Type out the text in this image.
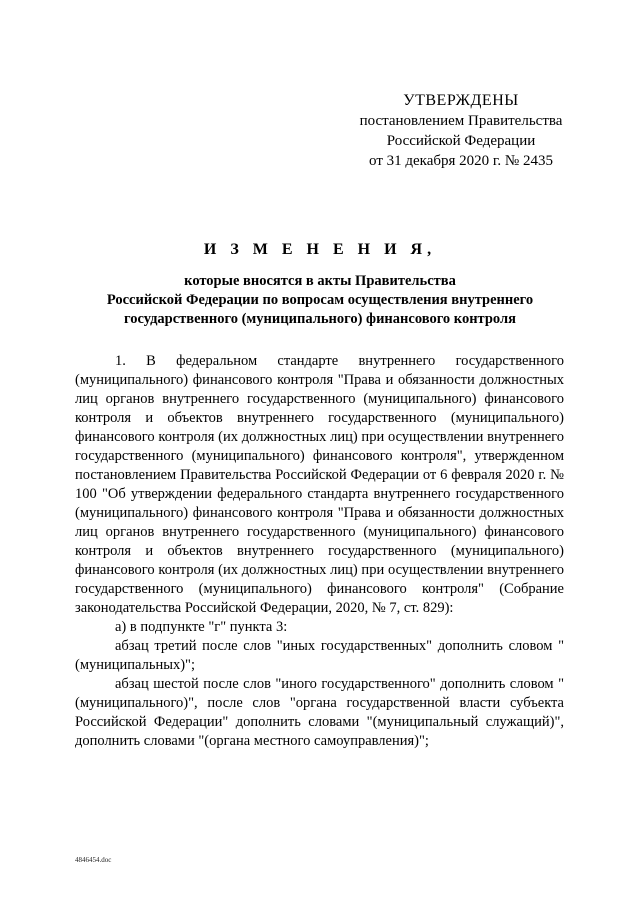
УТВЕРЖДЕНЫ
постановлением Правительства
Российской Федерации
от 31 декабря 2020 г. № 2435
И З М Е Н Е Н И Я,
которые вносятся в акты Правительства
Российской Федерации по вопросам осуществления внутреннего
государственного (муниципального) финансового контроля

1. В федеральном стандарте внутреннего государственного (муниципального) финансового контроля "Права и обязанности должностных лиц органов внутреннего государственного (муниципального) финансового контроля и объектов внутреннего государственного (муниципального) финансового контроля (их должностных лиц) при осуществлении внутреннего государственного (муниципального) финансового контроля", утвержденном постановлением Правительства Российской Федерации от 6 февраля 2020 г. № 100 "Об утверждении федерального стандарта внутреннего государственного (муниципального) финансового контроля "Права и обязанности должностных лиц органов внутреннего государственного (муниципального) финансового контроля и объектов внутреннего государственного (муниципального) финансового контроля (их должностных лиц) при осуществлении внутреннего государственного (муниципального) финансового контроля" (Собрание законодательства Российской Федерации, 2020, № 7, ст. 829):

а) в подпункте "г" пункта 3:

абзац третий после слов "иных государственных" дополнить словом "(муниципальных)";

абзац шестой после слов "иного государственного" дополнить словом "(муниципального)", после слов "органа государственной власти субъекта Российской Федерации" дополнить словами "(муниципальный служащий)", дополнить словами "(органа местного самоуправления)";

4846454.doc
